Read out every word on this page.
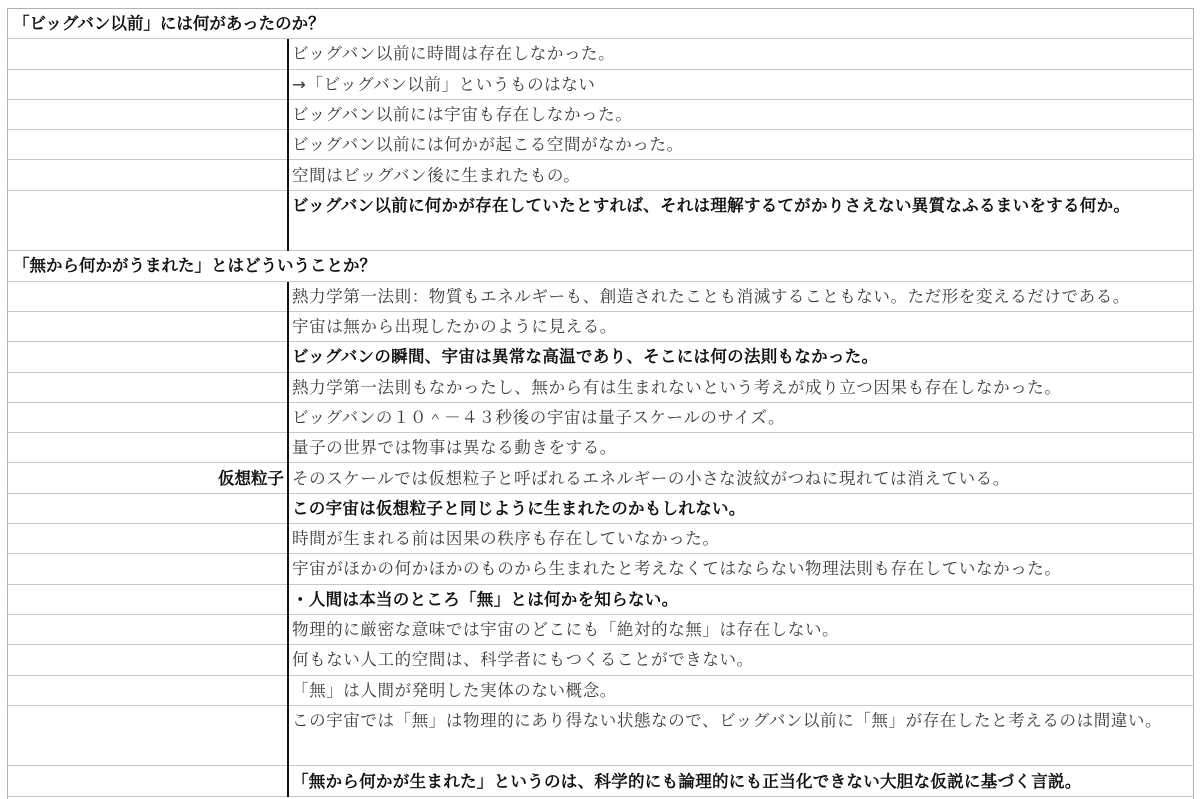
「ビッグバン以前」には何があったのか？
ビッグバン以前に時間は存在しなかった。
→「ビッグバン以前」というものはない
ビッグバン以前には宇宙も存在しなかった。
ビッグバン以前には何かが起こる空間がなかった。
空間はビッグバン後に生まれたもの。
ビッグバン以前に何かが存在していたとすれば、それは理解するてがかりさえない異質なふるまいをする何か。
「無から何かがうまれた」とはどういうことか？
熱力学第一法則：物質もエネルギーも、創造されたことも消滅することもない。ただ形を変えるだけである。
宇宙は無から出現したかのように見える。
ビッグバンの瞬間、宇宙は異常な高温であり、そこには何の法則もなかった。
熱力学第一法則もなかったし、無から有は生まれないという考えが成り立つ因果も存在しなかった。
ビッグバンの１０＾－４３秒後の宇宙は量子スケールのサイズ。
量子の世界では物事は異なる動きをする。
仮想粒子 そのスケールでは仮想粒子と呼ばれるエネルギーの小さな波紋がつねに現れては消えている。
この宇宙は仮想粒子と同じように生まれたのかもしれない。
時間が生まれる前は因果の秩序も存在していなかった。
宇宙がほかの何かほかのものから生まれたと考えなくてはならない物理法則も存在していなかった。
・人間は本当のところ「無」とは何かを知らない。
物理的に厳密な意味では宇宙のどこにも「絶対的な無」は存在しない。
何もない人工的空間は、科学者にもつくることができない。
「無」は人間が発明した実体のない概念。
この宇宙では「無」は物理的にあり得ない状態なので、ビッグバン以前に「無」が存在したと考えるのは間違い。
「無から何かが生まれた」というのは、科学的にも論理的にも正当化できない大胆な仮説に基づく言説。
